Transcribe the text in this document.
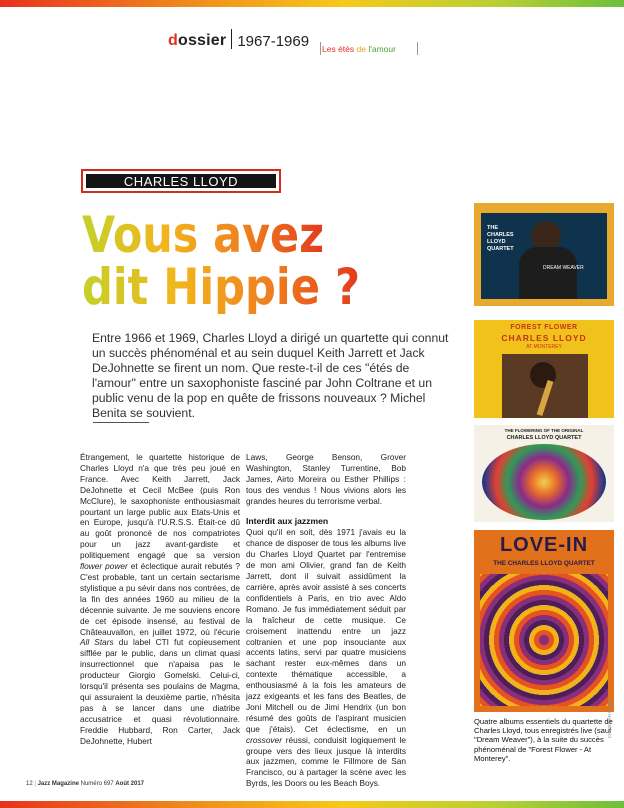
dossier 1967-1969 Les étés de l'amour
CHARLES LLOYD
Vous avez
dit Hippie ?
Entre 1966 et 1969, Charles Lloyd a dirigé un quartette qui connut un succès phénoménal et au sein duquel Keith Jarrett et Jack DeJohnette se firent un nom. Que reste-t-il de ces "étés de l'amour" entre un saxophoniste fasciné par John Coltrane et un public venu de la pop en quête de frissons nouveaux ? Michel Benita se souvient.

Étrangement, le quartette historique de Charles Lloyd n'a que très peu joué en France. Avec Keith Jarrett, Jack DeJohnette et Cecil McBee (puis Ron McClure), le saxophoniste enthousiasmait pourtant un large public aux Etats-Unis et en Europe, jusqu'à l'U.R.S.S. Était-ce dû au goût prononcé de nos compatriotes pour un jazz avant-gardiste et politiquement engagé que sa version flower power et éclectique aurait rebutés ? C'est probable, tant un certain sectarisme stylistique a pu sévir dans nos contrées, de la fin des années 1960 au milieu de la décennie suivante. Je me souviens encore de cet épisode insensé, au festival de Châteauvallon, en juillet 1972, où l'écurie All Stars du label CTI fut copieusement sifflée par le public, dans un climat quasi insurrectionnel que n'apaisa pas le producteur Giorgio Gomelski. Celui-ci, lorsqu'il présenta ses poulains de Magma, qui assuraient la deuxième partie, n'hésita pas à se lancer dans une diatribe accusatrice et quasi révolutionnaire. Freddie Hubbard, Ron Carter, Jack DeJohnette, Hubert

Laws, George Benson, Grover Washington, Stanley Turrentine, Bob James, Airto Moreira ou Esther Phillips : tous des vendus ! Nous vivions alors les grandes heures du terrorisme verbal.

Interdit aux jazzmen

Quoi qu'il en soit, dès 1971 j'avais eu la chance de disposer de tous les albums live du Charles Lloyd Quartet par l'entremise de mon ami Olivier, grand fan de Keith Jarrett, dont il suivait assidûment la carrière, après avoir assisté à ses concerts confidentiels à Paris, en trio avec Aldo Romano. Je fus immédiatement séduit par la fraîcheur de cette musique. Ce croisement inattendu entre un jazz coltranien et une pop insouciante aux accents latins, servi par quatre musiciens sachant rester eux-mêmes dans un contexte thématique accessible, a enthousiasmé à la fois les amateurs de jazz exigeants et les fans des Beatles, de Joni Mitchell ou de Jimi Hendrix (un bon résumé des goûts de l'aspirant musicien que j'étais). Cet éclectisme, en un crossover réussi, conduisit logiquement le groupe vers des lieux jusque là interdits aux jazzmen, comme le Fillmore de San Francisco, ou à partager la scène avec les Byrds, les Doors ou les Beach Boys.

THE
CHARLES
LLOYD
QUARTET
DREAM WEAVER
FOREST FLOWER
CHARLES LLOYD
AT MONTEREY
THE FLOWERING OF THE ORIGINAL
CHARLES LLOYD QUARTET
LOVE-IN
THE CHARLES LLOYD QUARTET
Quatre albums essentiels du quartette de Charles Lloyd, tous enregistrés live (sauf "Dream Weaver"), à la suite du succès phénoménal de "Forest Flower - At Monterey".
12 | Jazz Magazine Numéro 697 Août 2017
CHRISTIAN ROSE
